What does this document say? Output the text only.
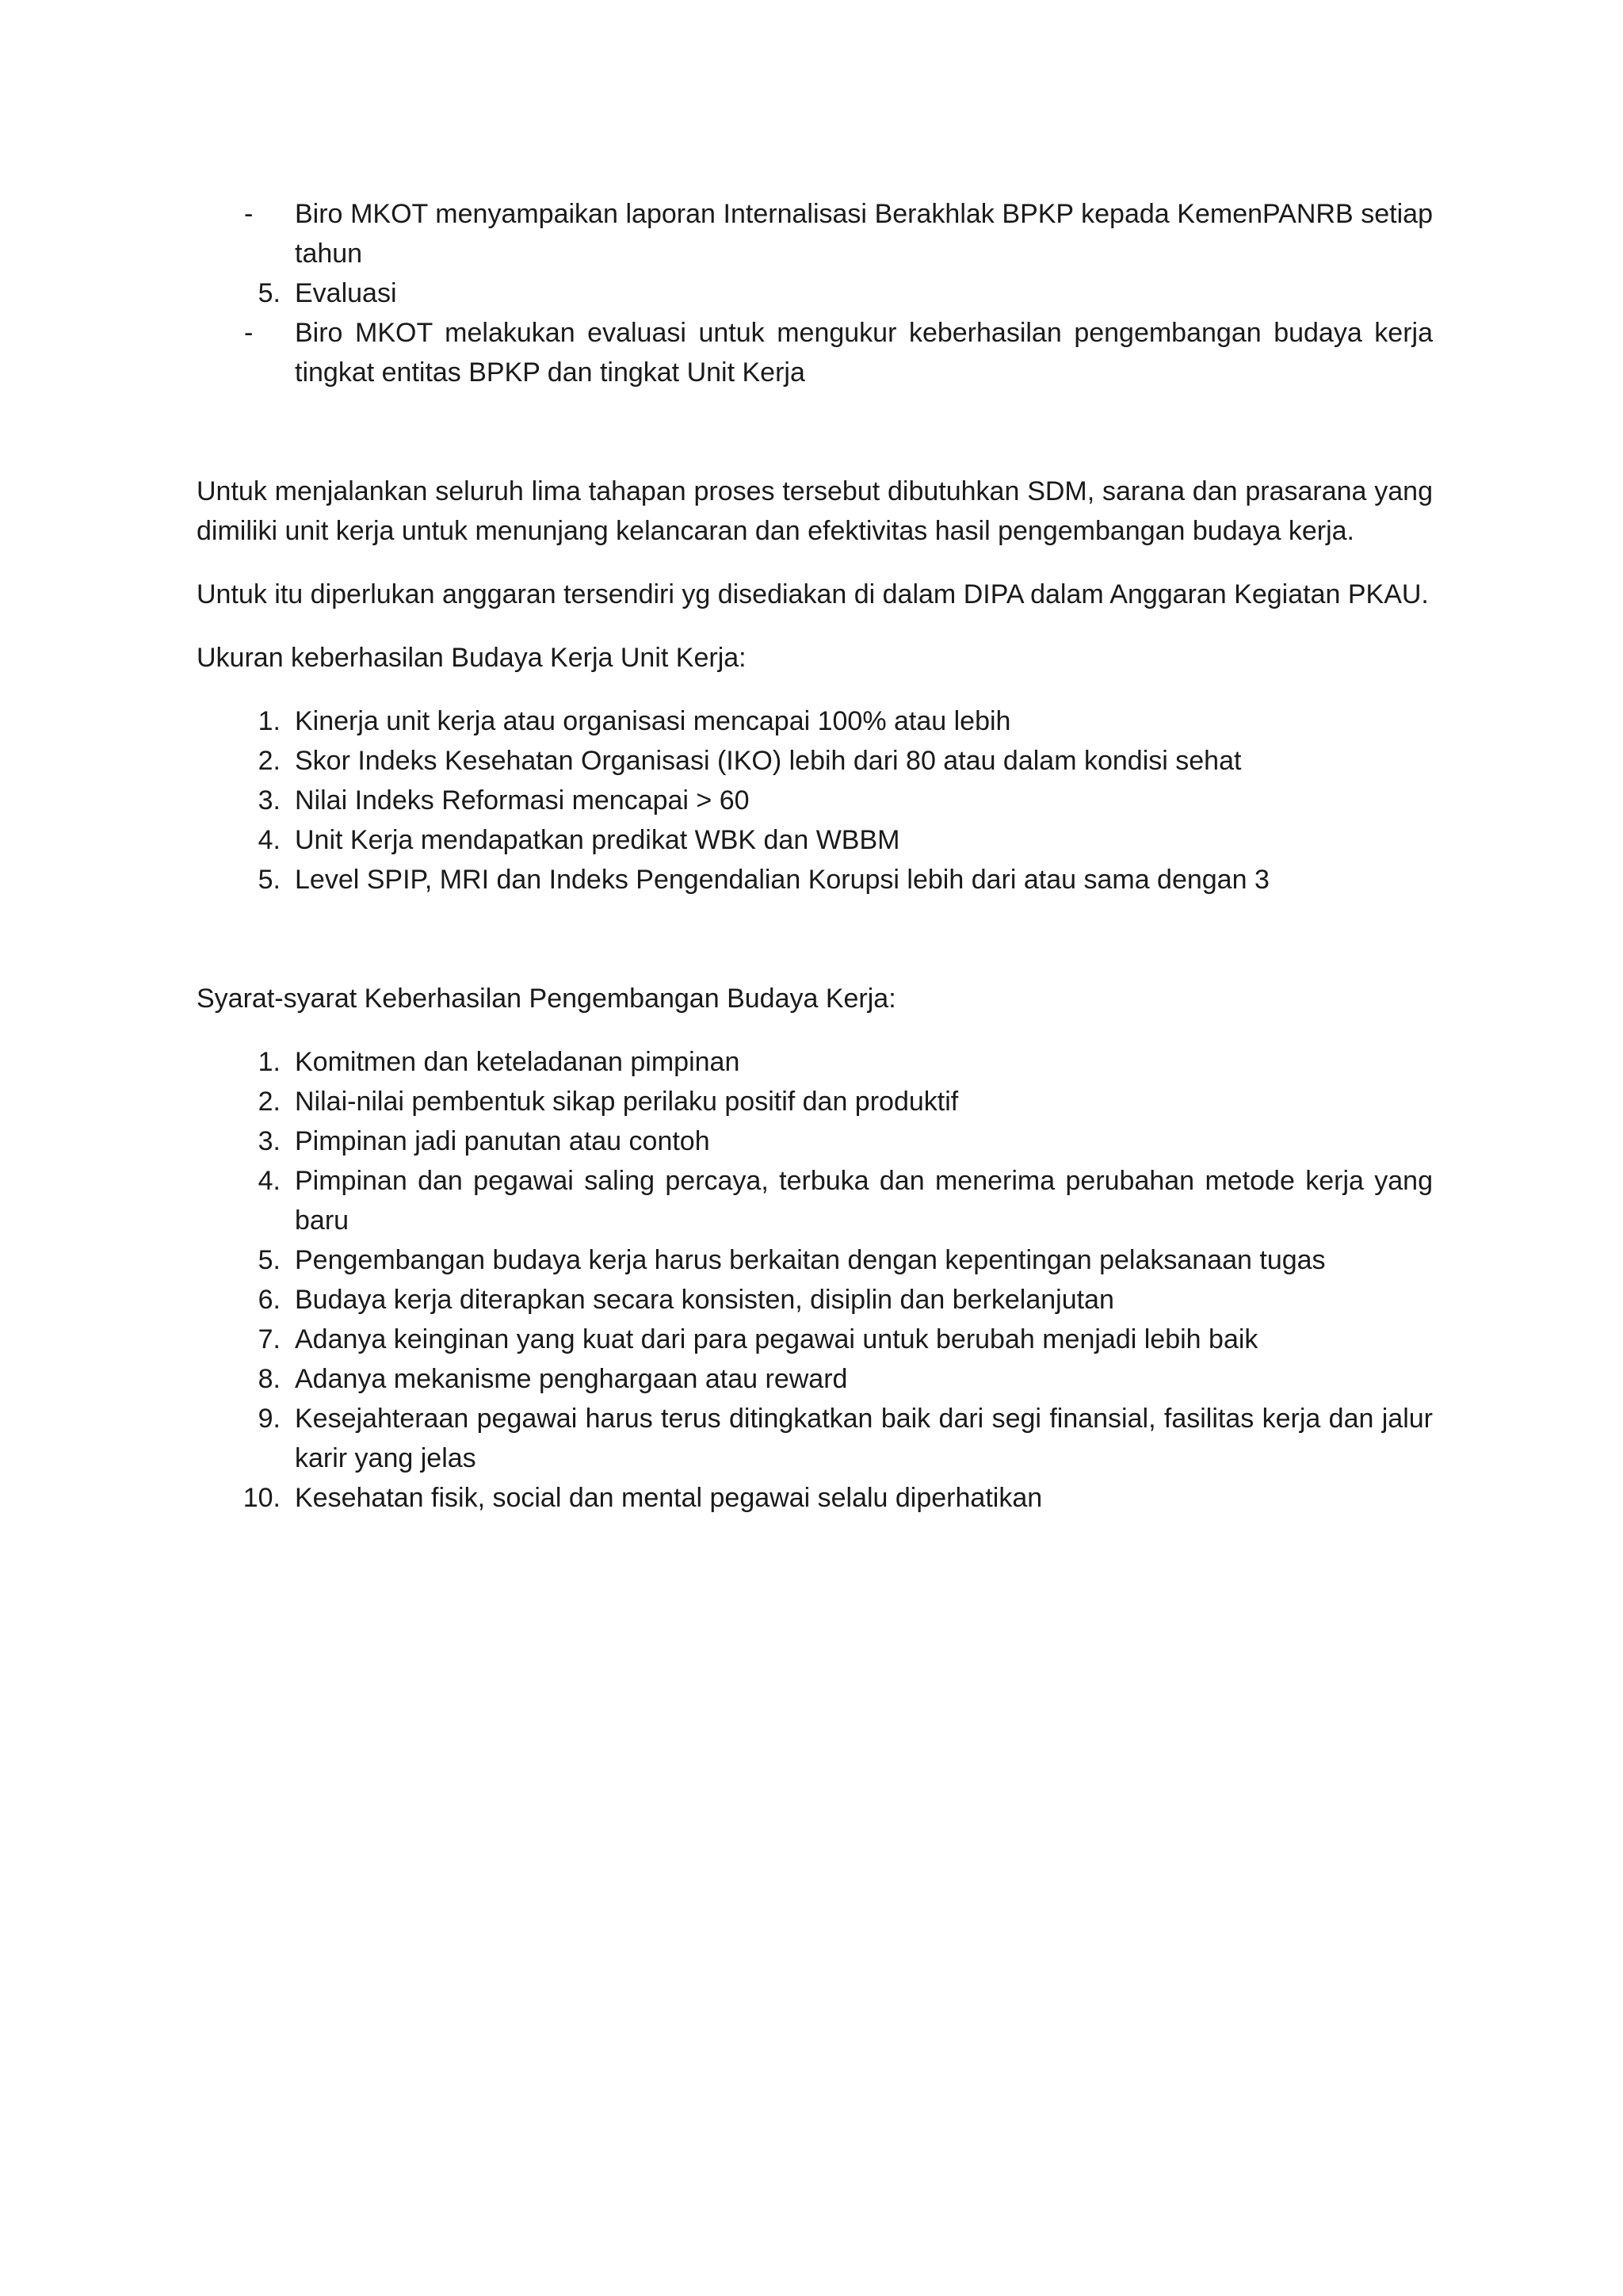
-	Biro MKOT menyampaikan laporan Internalisasi Berakhlak BPKP kepada KemenPANRB setiap tahun
5. Evaluasi
-	Biro MKOT melakukan evaluasi untuk mengukur keberhasilan pengembangan budaya kerja tingkat entitas BPKP dan tingkat Unit Kerja

Untuk menjalankan seluruh lima tahapan proses tersebut dibutuhkan SDM, sarana dan prasarana yang dimiliki unit kerja untuk menunjang kelancaran dan efektivitas hasil pengembangan budaya kerja.

Untuk itu diperlukan anggaran tersendiri yg disediakan di dalam DIPA dalam Anggaran Kegiatan PKAU.

Ukuran keberhasilan Budaya Kerja Unit Kerja:

1. Kinerja unit kerja atau organisasi mencapai 100% atau lebih
2. Skor Indeks Kesehatan Organisasi (IKO) lebih dari 80 atau dalam kondisi sehat
3. Nilai Indeks Reformasi mencapai > 60
4. Unit Kerja mendapatkan predikat WBK dan WBBM
5. Level SPIP, MRI dan Indeks Pengendalian Korupsi lebih dari atau sama dengan 3

Syarat-syarat Keberhasilan Pengembangan Budaya Kerja:

1. Komitmen dan keteladanan pimpinan
2. Nilai-nilai pembentuk sikap perilaku positif dan produktif
3. Pimpinan jadi panutan atau contoh
4. Pimpinan dan pegawai saling percaya, terbuka dan menerima perubahan metode kerja yang baru
5. Pengembangan budaya kerja harus berkaitan dengan kepentingan pelaksanaan tugas
6. Budaya kerja diterapkan secara konsisten, disiplin dan berkelanjutan
7. Adanya keinginan yang kuat dari para pegawai untuk berubah menjadi lebih baik
8. Adanya mekanisme penghargaan atau reward
9. Kesejahteraan pegawai harus terus ditingkatkan baik dari segi finansial, fasilitas kerja dan jalur karir yang jelas
10. Kesehatan fisik, social dan mental pegawai selalu diperhatikan
